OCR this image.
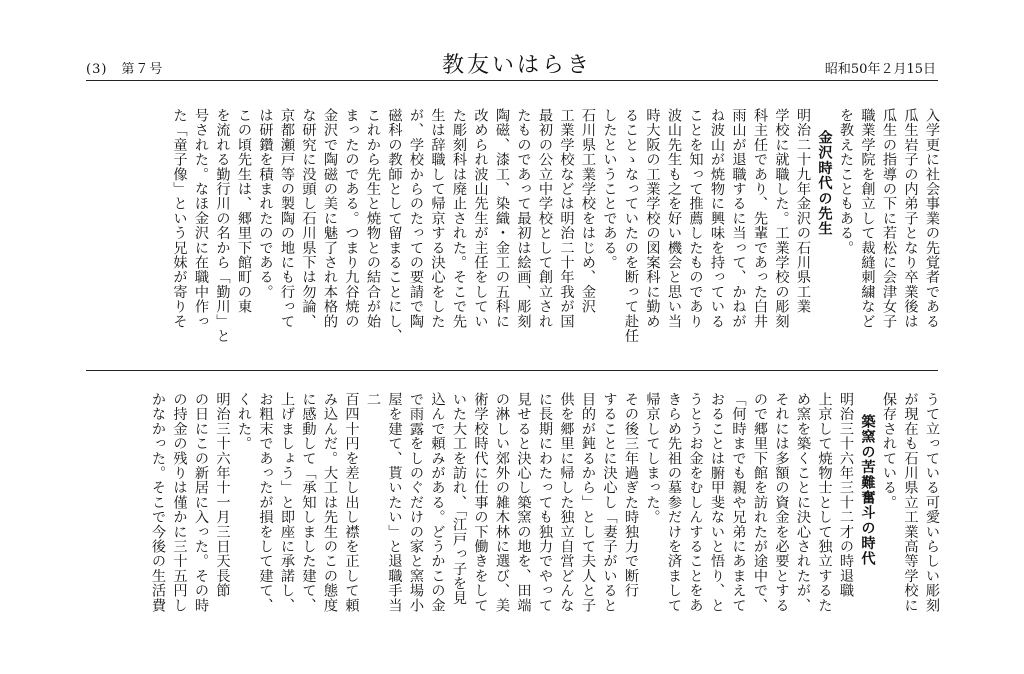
(3)　第７号	教友いはらき	昭和50年２月15日
入学更に社会事業の先覚者である
瓜生岩子の内弟子となり卒業後は
瓜生の指導の下に若松に会津女子
職業学院を創立して裁縫刺繍など
を教えたこともある。
金沢時代の先生
明治二十九年金沢の石川県工業
学校に就職した。工業学校の彫刻
科主任であり、先輩であった白井
雨山が退職するに当って、かねが
ね波山が焼物に興味を持っている
ことを知って推薦したものであり
波山先生も之を好い機会と思い当
時大阪の工業学校の図案科に勤め
ることゝなっていたのを断って赴任
したということである。
石川県工業学校をはじめ、金沢
工業学校などは明治二十年我が国
最初の公立中学校として創立され
たものであって最初は絵画、彫刻
陶磁、漆工、染織・金工の五科に
改められ波山先生が主任をしてい
た彫刻科は廃止された。そこで先
生は辞職して帰京する決心をした
が、学校からのたっての要請で陶
磁科の教師として留まることにし、
これから先生と焼物との結合が始
まったのである。つまり九谷焼の
金沢で陶磁の美に魅了され本格的
な研究に没頭し石川県下は勿論、
京都瀬戸等の製陶の地にも行って
は研鑽を積まれたのである。
この頃先生は、郷里下館町の東
を流れる勤行川の名から「勤川」と
号された。なほ金沢に在職中作っ
た「童子像」という兄妹が寄りそ
うて立っている可愛いらしい彫刻
が現在も石川県立工業高等学校に
保存されている。
築窯の苦難奮斗の時代
明治三十六年三十二才の時退職
上京して焼物士として独立するた
め窯を築くことに決心されたが、
それには多額の資金を必要とする
ので郷里下館を訪れたが途中で、
「何時までも親や兄弟にあまえて
おることは腑甲斐ないと悟り、と
うとうお金をむしんすることをあ
きらめ先祖の墓参だけを済まして
帰京してしまった。
その後三年過ぎた時独力で断行
することに決心し「妻子がいると
目的が鈍るから」として夫人と子
供を郷里に帰した独立自営どんな
に長期にわたっても独力でやって
見せると決心し築窯の地を、田端
の淋しい郊外の雑木林に選び、美
術学校時代に仕事の下働きをして
いた大工を訪れ、「江戸っ子を見
込んで頼みがある。どうかこの金
で雨露をしのぐだけの家と窯場小
屋を建て、貰いたい」と退職手当二
百四十円を差し出し襟を正して頼
み込んだ。大工は先生のこの態度
に感動して「承知しました建て、
上げましょう」と即座に承諾し、
お粗末であったが損をして建て、
くれた。
明治三十六年十一月三日天長節
の日にこの新居に入った。その時
の持金の残りは僅かに三十五円し
かなかった。そこで今後の生活費
